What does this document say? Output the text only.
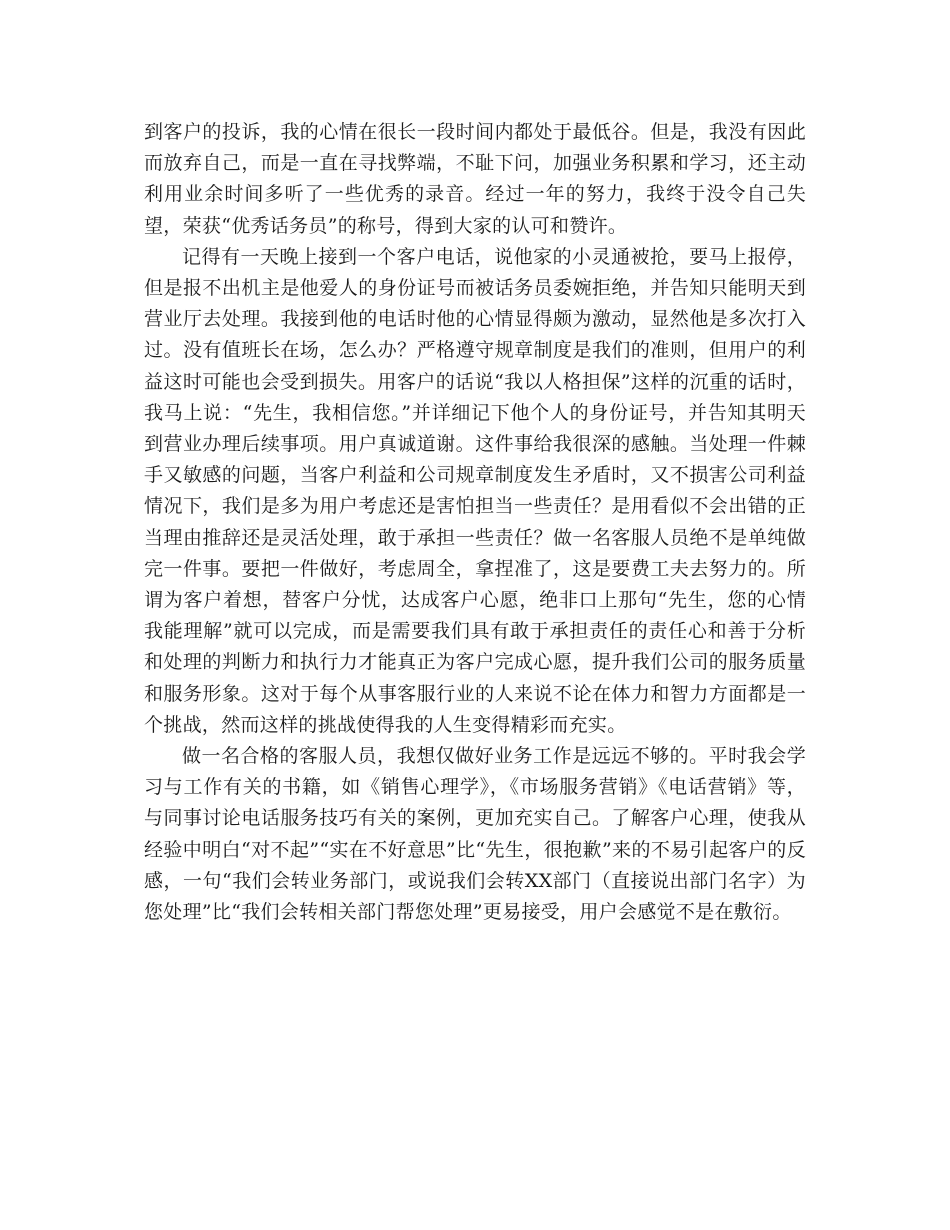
到客户的投诉，我的心情在很长一段时间内都处于最低谷。但是，我没有因此而放弃自己，而是一直在寻找弊端，不耻下问，加强业务积累和学习，还主动利用业余时间多听了一些优秀的录音。经过一年的努力，我终于没令自己失望，荣获“优秀话务员”的称号，得到大家的认可和赞许。

记得有一天晚上接到一个客户电话，说他家的小灵通被抢，要马上报停，但是报不出机主是他爱人的身份证号而被话务员委婉拒绝，并告知只能明天到营业厅去处理。我接到他的电话时他的心情显得颇为激动，显然他是多次打入过。没有值班长在场，怎么办？严格遵守规章制度是我们的准则，但用户的利益这时可能也会受到损失。用客户的话说“我以人格担保”这样的沉重的话时，我马上说：“先生，我相信您。”并详细记下他个人的身份证号，并告知其明天到营业办理后续事项。用户真诚道谢。这件事给我很深的感触。当处理一件棘手又敏感的问题，当客户利益和公司规章制度发生矛盾时，又不损害公司利益情况下，我们是多为用户考虑还是害怕担当一些责任？是用看似不会出错的正当理由推辞还是灵活处理，敢于承担一些责任？做一名客服人员绝不是单纯做完一件事。要把一件做好，考虑周全，拿捏准了，这是要费工夫去努力的。所谓为客户着想，替客户分忧，达成客户心愿，绝非口上那句“先生，您的心情我能理解”就可以完成，而是需要我们具有敢于承担责任的责任心和善于分析和处理的判断力和执行力才能真正为客户完成心愿，提升我们公司的服务质量和服务形象。这对于每个从事客服行业的人来说不论在体力和智力方面都是一个挑战，然而这样的挑战使得我的人生变得精彩而充实。

做一名合格的客服人员，我想仅做好业务工作是远远不够的。平时我会学习与工作有关的书籍，如《销售心理学》，《市场服务营销》《电话营销》等，与同事讨论电话服务技巧有关的案例，更加充实自己。了解客户心理，使我从经验中明白“对不起”“实在不好意思”比“先生，很抱歉”来的不易引起客户的反感，一句“我们会转业务部门，或说我们会转XX部门（直接说出部门名字）为您处理”比“我们会转相关部门帮您处理”更易接受，用户会感觉不是在敷衍。
